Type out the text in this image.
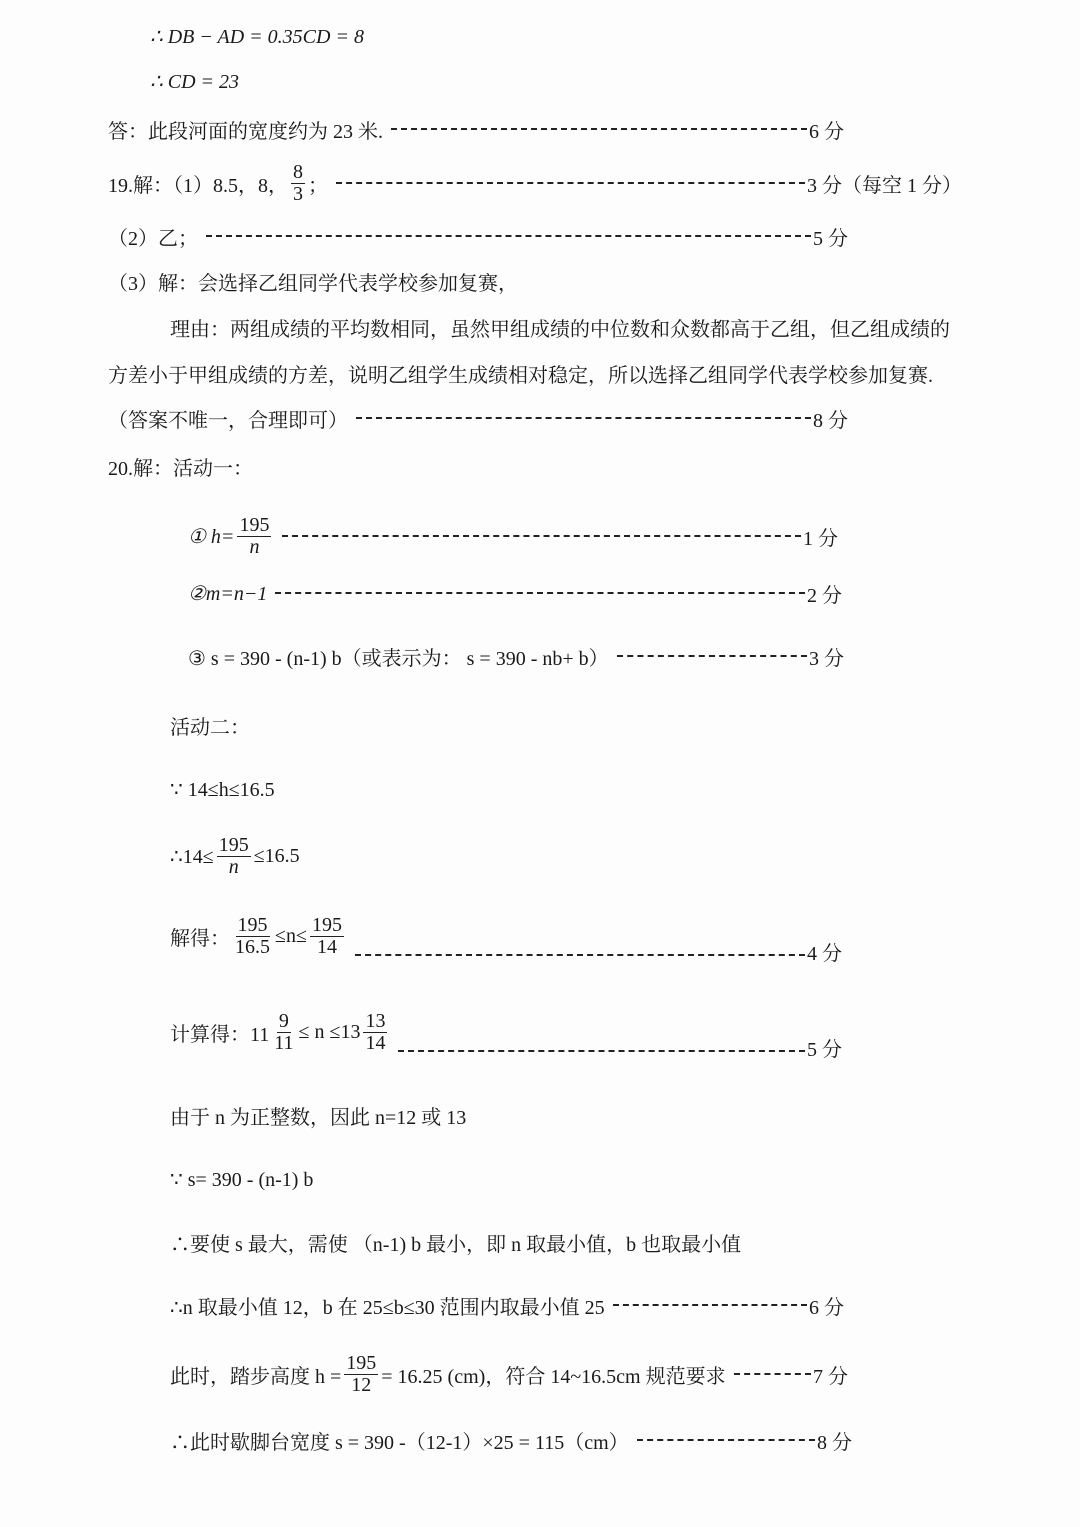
∴ DB − AD = 0.35CD = 8
∴ CD = 23
答：此段河面的宽度约为 23 米.	6 分
19.解：（1）8.5，8， $\frac{8}{3}$ ；	3 分（每空 1 分）
（2）乙；	5 分
（3）解：会选择乙组同学代表学校参加复赛，
理由：两组成绩的平均数相同，虽然甲组成绩的中位数和众数都高于乙组，但乙组成绩的
方差小于甲组成绩的方差，说明乙组学生成绩相对稳定，所以选择乙组同学代表学校参加复赛.
（答案不唯一，合理即可）	8 分
20.解：活动一：
① $h= \frac{195}{n}$	1 分
②m=n−1	2 分
③ s = 390 - (n-1) b（或表示为： s = 390 - nb+ b）	3 分
活动二：
∵ 14≤h≤16.5
∴14≤ $\frac{195}{n} \le 16.5$
解得： $\frac{195}{16.5} \le n\le \frac{195}{14}$	4 分
计算得：$11 \frac{9}{11} \le n \le 13 \frac{13}{14}$	5 分
由于 n 为正整数，因此 n=12 或 13
∵ s= 390 - (n-1) b
∴要使 s 最大，需使 （n-1) b 最小，即 n 取最小值，b 也取最小值
∴n 取最小值 12，b 在 25≤b≤30 范围内取最小值 25	6 分
此时，踏步高度 $h = \frac{195}{12} = 16.25$ (cm)，符合 14~16.5cm 规范要求	7 分
∴此时歇脚台宽度 s = 390 -（12-1）×25 = 115（cm）	8 分
